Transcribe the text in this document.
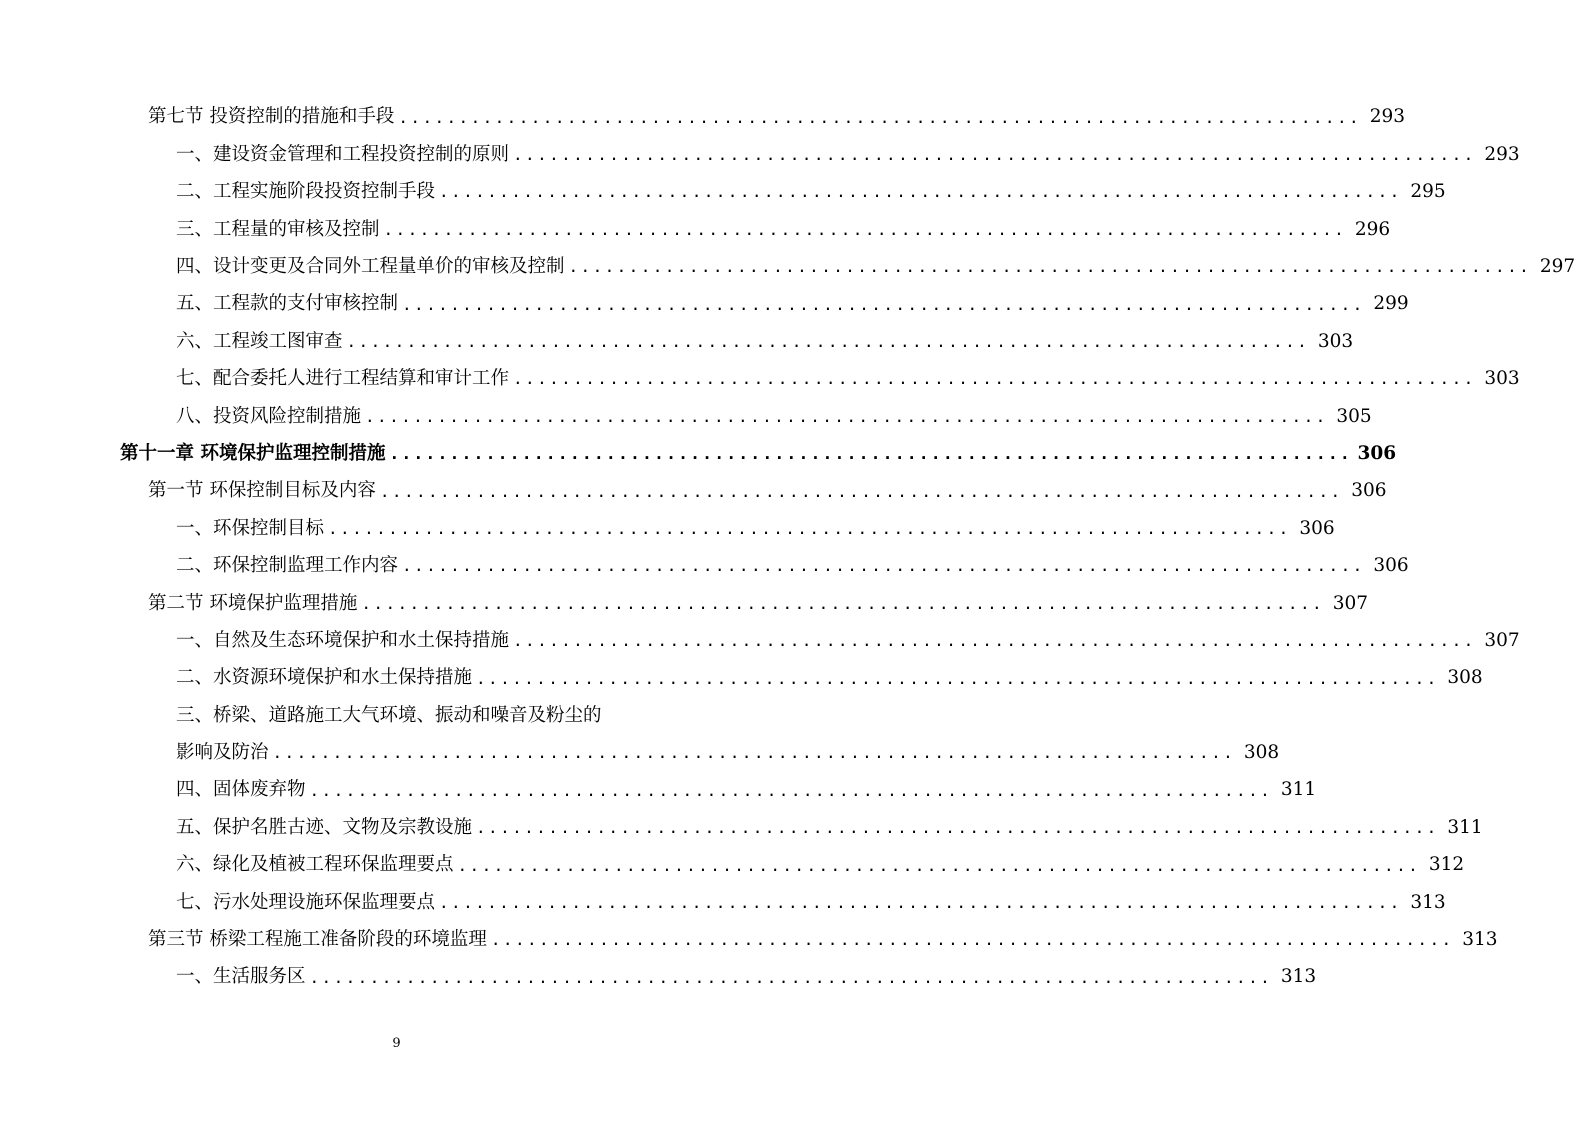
第七节 投资控制的措施和手段 ................................................................................ 293
一、建设资金管理和工程投资控制的原则 ................................................................................ 293
二、工程实施阶段投资控制手段 ................................................................................ 295
三、工程量的审核及控制 ................................................................................ 296
四、设计变更及合同外工程量单价的审核及控制 ................................................................................ 297
五、工程款的支付审核控制 ................................................................................ 299
六、工程竣工图审查 ................................................................................ 303
七、配合委托人进行工程结算和审计工作 ................................................................................ 303
八、投资风险控制措施 ................................................................................ 305
第十一章 环境保护监理控制措施 ................................................................................ 306
第一节 环保控制目标及内容 ................................................................................ 306
一、环保控制目标 ................................................................................ 306
二、环保控制监理工作内容 ................................................................................ 306
第二节 环境保护监理措施 ................................................................................ 307
一、自然及生态环境保护和水土保持措施 ................................................................................ 307
二、水资源环境保护和水土保持措施 ................................................................................ 308
三、桥梁、道路施工大气环境、振动和噪音及粉尘的
影响及防治 ................................................................................ 308
四、固体废弃物 ................................................................................ 311
五、保护名胜古迹、文物及宗教设施 ................................................................................ 311
六、绿化及植被工程环保监理要点 ................................................................................ 312
七、污水处理设施环保监理要点 ................................................................................ 313
第三节 桥梁工程施工准备阶段的环境监理 ................................................................................ 313
一、生活服务区 ................................................................................ 313
9
